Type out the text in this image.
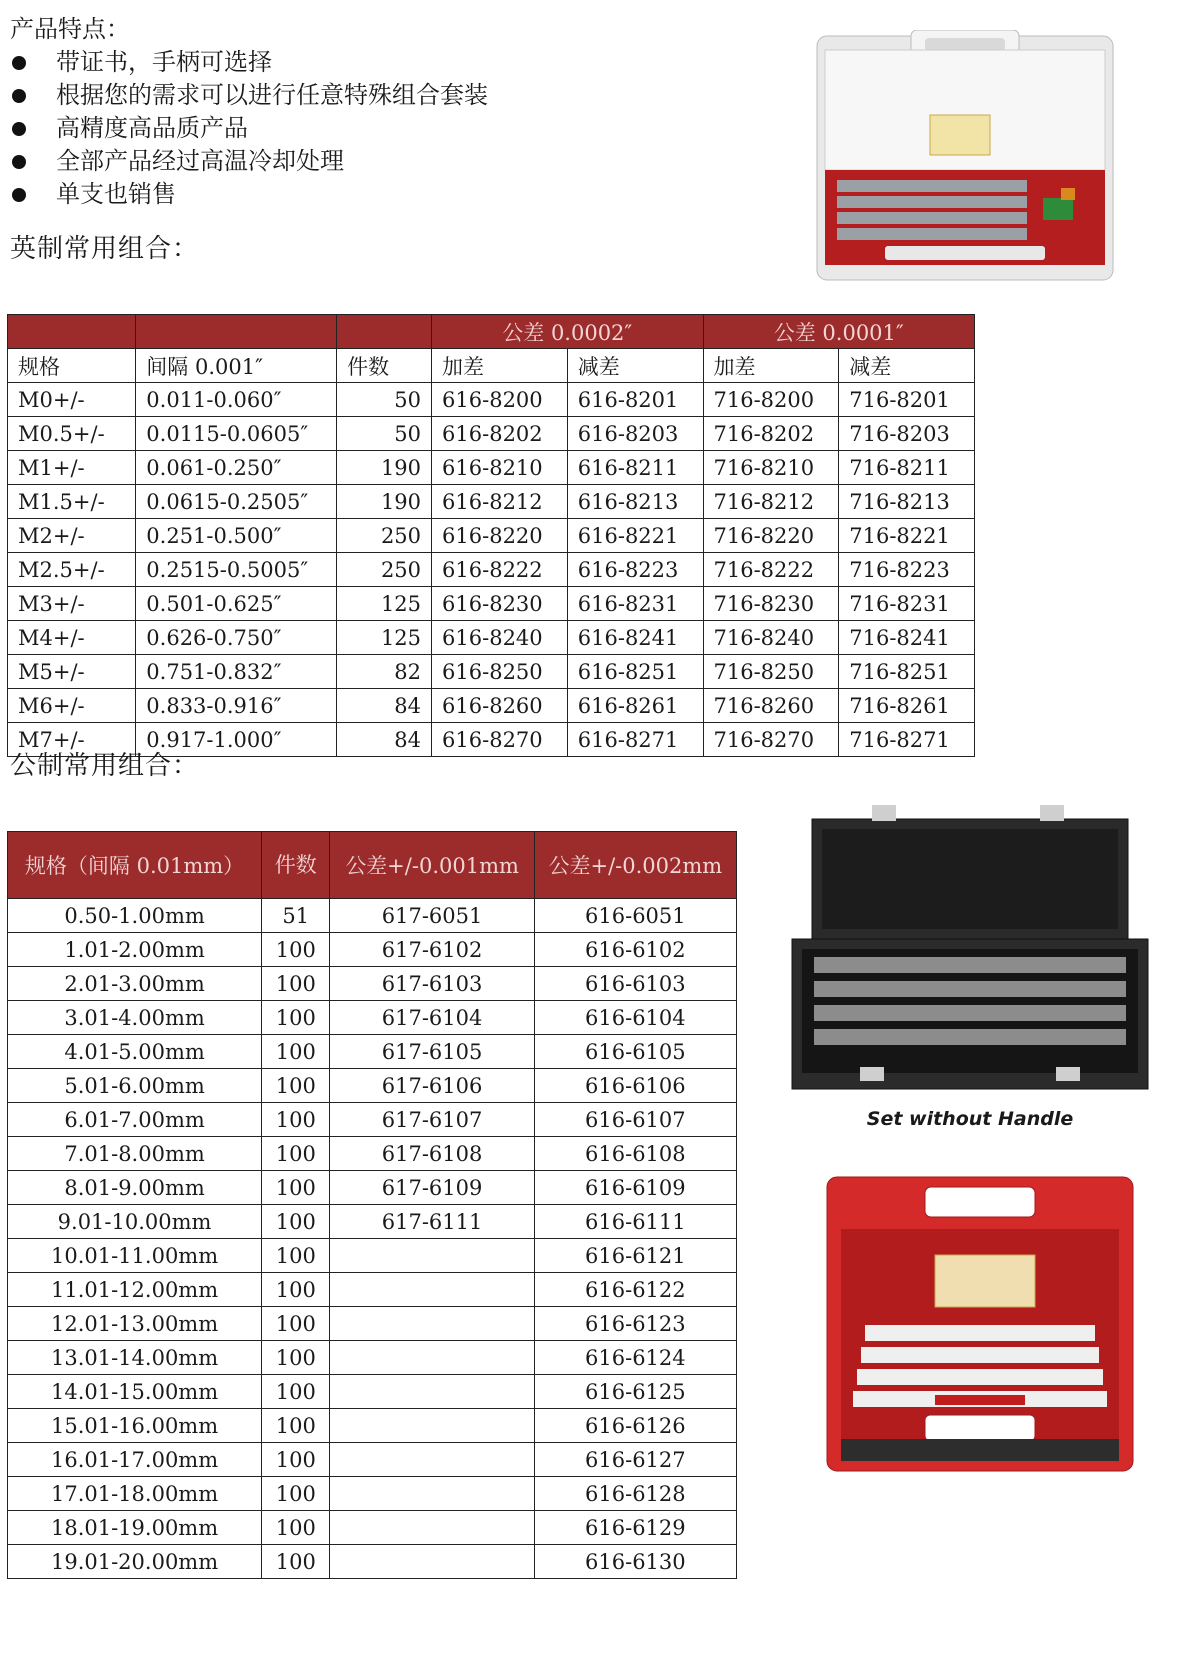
产品特点：
带证书，手柄可选择
根据您的需求可以进行任意特殊组合套装
高精度高品质产品
全部产品经过高温冷却处理
单支也销售
英制常用组合：
			公差 0.0002″		公差 0.0001″	
规格	间隔 0.001″	件数	加差	减差	加差	减差
M0+/-	0.011-0.060″	50	616-8200	616-8201	716-8200	716-8201
M0.5+/-	0.0115-0.0605″	50	616-8202	616-8203	716-8202	716-8203
M1+/-	0.061-0.250″	190	616-8210	616-8211	716-8210	716-8211
M1.5+/-	0.0615-0.2505″	190	616-8212	616-8213	716-8212	716-8213
M2+/-	0.251-0.500″	250	616-8220	616-8221	716-8220	716-8221
M2.5+/-	0.2515-0.5005″	250	616-8222	616-8223	716-8222	716-8223
M3+/-	0.501-0.625″	125	616-8230	616-8231	716-8230	716-8231
M4+/-	0.626-0.750″	125	616-8240	616-8241	716-8240	716-8241
M5+/-	0.751-0.832″	82	616-8250	616-8251	716-8250	716-8251
M6+/-	0.833-0.916″	84	616-8260	616-8261	716-8260	716-8261
M7+/-	0.917-1.000″	84	616-8270	616-8271	716-8270	716-8271
公制常用组合：
规格（间隔 0.01mm）	件数	公差+/-0.001mm	公差+/-0.002mm
0.50-1.00mm	51	617-6051	616-6051
1.01-2.00mm	100	617-6102	616-6102
2.01-3.00mm	100	617-6103	616-6103
3.01-4.00mm	100	617-6104	616-6104
4.01-5.00mm	100	617-6105	616-6105
5.01-6.00mm	100	617-6106	616-6106
6.01-7.00mm	100	617-6107	616-6107
7.01-8.00mm	100	617-6108	616-6108
8.01-9.00mm	100	617-6109	616-6109
9.01-10.00mm	100	617-6111	616-6111
10.01-11.00mm	100		616-6121
11.01-12.00mm	100		616-6122
12.01-13.00mm	100		616-6123
13.01-14.00mm	100		616-6124
14.01-15.00mm	100		616-6125
15.01-16.00mm	100		616-6126
16.01-17.00mm	100		616-6127
17.01-18.00mm	100		616-6128
18.01-19.00mm	100		616-6129
19.01-20.00mm	100		616-6130
Set without Handle
